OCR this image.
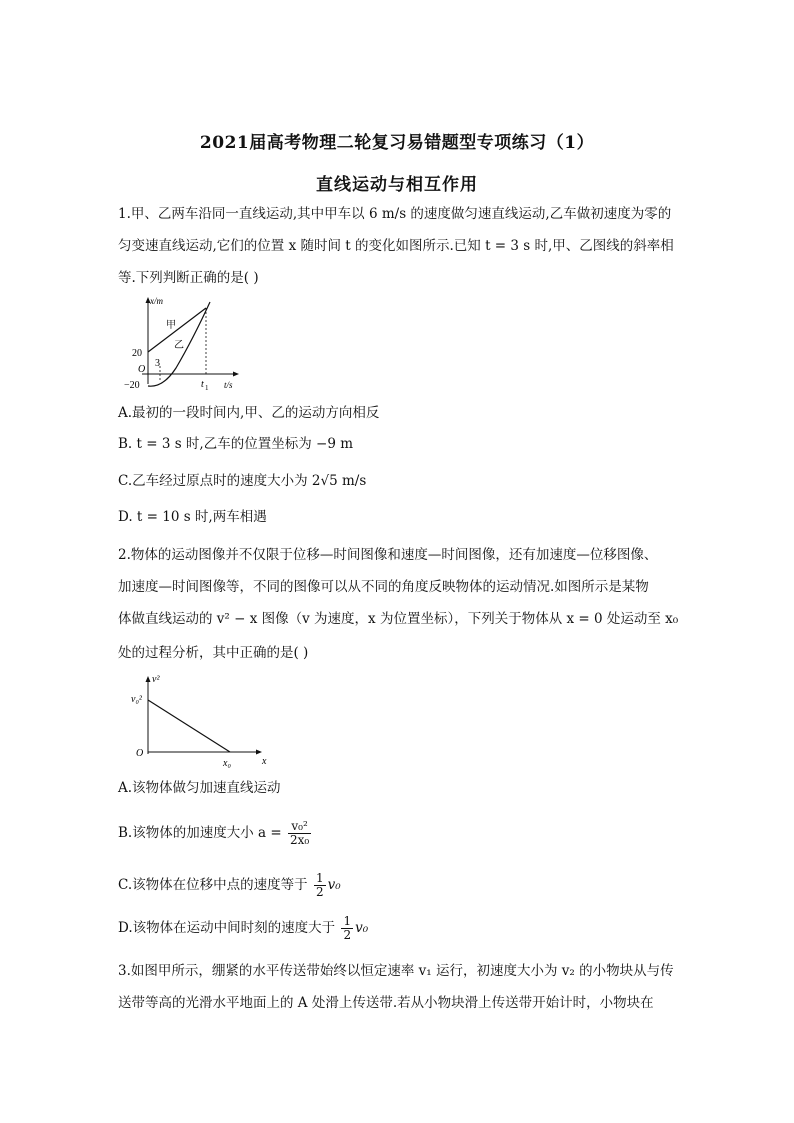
2021届高考物理二轮复习易错题型专项练习（1）
直线运动与相互作用
1.甲、乙两车沿同一直线运动,其中甲车以 6 m/s 的速度做匀速直线运动,乙车做初速度为零的
匀变速直线运动,它们的位置 x 随时间 t 的变化如图所示.已知 t = 3 s 时,甲、乙图线的斜率相
等.下列判断正确的是( )
x/m
t/s
O
20
−20
3
t 1
甲
乙
A.最初的一段时间内,甲、乙的运动方向相反
B. t = 3 s 时,乙车的位置坐标为 −9 m
C.乙车经过原点时的速度大小为 2√5 m/s
D. t = 10 s 时,两车相遇
2.物体的运动图像并不仅限于位移—时间图像和速度—时间图像，还有加速度—位移图像、
加速度—时间图像等，不同的图像可以从不同的角度反映物体的运动情况.如图所示是某物
体做直线运动的 v² − x 图像（v 为速度，x 为位置坐标），下列关于物体从 x = 0 处运动至 x₀
处的过程分析，其中正确的是( )
v²
x
O
v₀²
x₀
A.该物体做匀加速直线运动
B.该物体的加速度大小 $a = \frac{\text{v₀²}}{\text{2x₀}}$
C.该物体在位移中点的速度等于 $\frac{1}{2} v_0$
D.该物体在运动中间时刻的速度大于 $\frac{1}{2} v_0$
3.如图甲所示，绷紧的水平传送带始终以恒定速率 v₁ 运行，初速度大小为 v₂ 的小物块从与传
送带等高的光滑水平地面上的 A 处滑上传送带.若从小物块滑上传送带开始计时，小物块在
